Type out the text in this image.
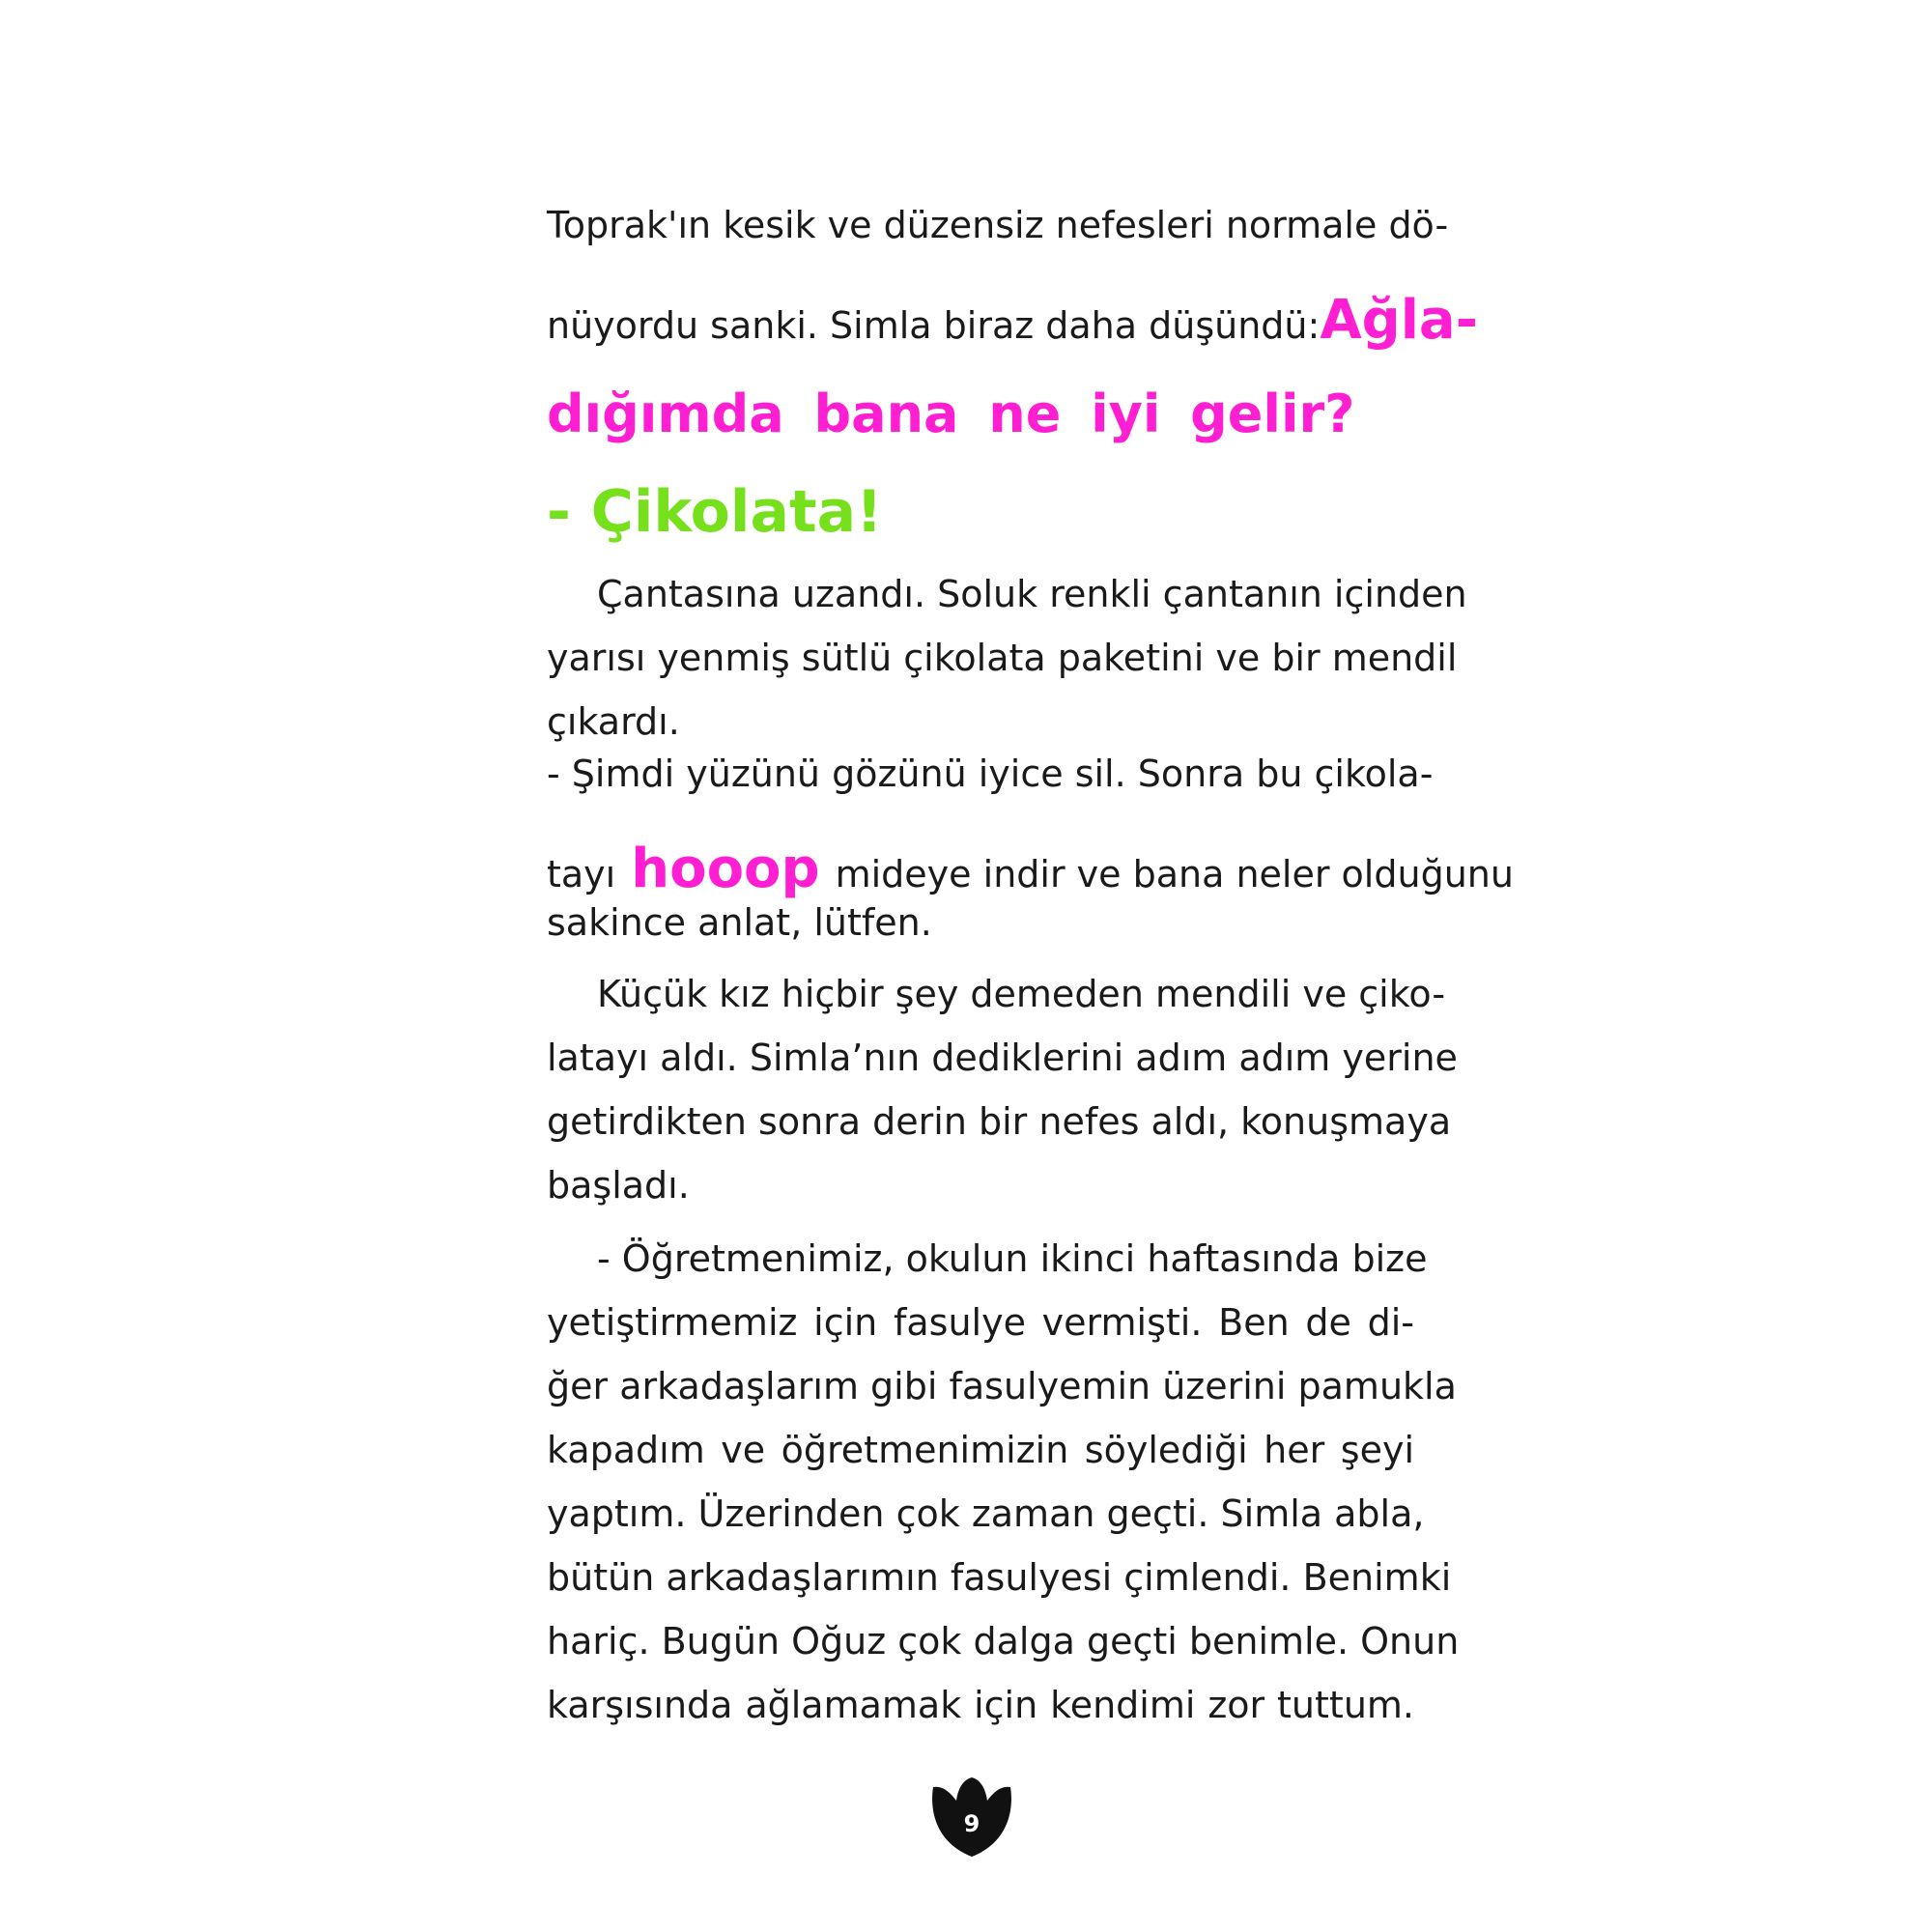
Toprak'ın kesik ve düzensiz nefesleri normale dö-
nüyordu sanki. Simla biraz daha düşündü: Ağla-
dığımda bana ne iyi gelir?
- Çikolata!
Çantasına uzandı. Soluk renkli çantanın içinden
yarısı yenmiş sütlü çikolata paketini ve bir mendil
çıkardı.
- Şimdi yüzünü gözünü iyice sil. Sonra bu çikola-
tayı hooop mideye indir ve bana neler olduğunu
sakince anlat, lütfen.
Küçük kız hiçbir şey demeden mendili ve çiko-
latayı aldı. Simla’nın dediklerini adım adım yerine
getirdikten sonra derin bir nefes aldı, konuşmaya
başladı.
- Öğretmenimiz, okulun ikinci haftasında bize
yetiştirmemiz için fasulye vermişti. Ben de di-
ğer arkadaşlarım gibi fasulyemin üzerini pamukla
kapadım ve öğretmenimizin söylediği her şeyi
yaptım. Üzerinden çok zaman geçti. Simla abla,
bütün arkadaşlarımın fasulyesi çimlendi. Benimki
hariç. Bugün Oğuz çok dalga geçti benimle. Onun
karşısında ağlamamak için kendimi zor tuttum.
9
